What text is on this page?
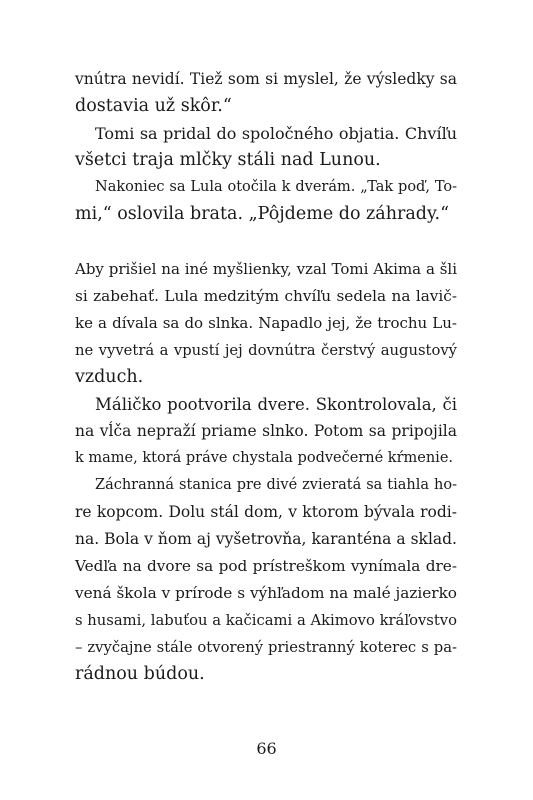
vnútra nevidí. Tiež som si myslel, že výsledky sa
dostavia už skôr.“
Tomi sa pridal do spoločného objatia. Chvíľu
všetci traja mlčky stáli nad Lunou.
Nakoniec sa Lula otočila k dverám. „Tak poď, To-
mi,“ oslovila brata. „Pôjdeme do záhrady.“
Aby prišiel na iné myšlienky, vzal Tomi Akima a šli
si zabehať. Lula medzitým chvíľu sedela na lavič-
ke a dívala sa do slnka. Napadlo jej, že trochu Lu-
ne vyvetrá a vpustí jej dovnútra čerstvý augustový
vzduch.
Máličko pootvorila dvere. Skontrolovala, či
na vĺča nepraží priame slnko. Potom sa pripojila
k mame, ktorá práve chystala podvečerné kŕmenie.
Záchranná stanica pre divé zvieratá sa tiahla ho-
re kopcom. Dolu stál dom, v ktorom bývala rodi-
na. Bola v ňom aj vyšetrovňa, karanténa a sklad.
Vedľa na dvore sa pod prístreškom vynímala dre-
vená škola v prírode s výhľadom na malé jazierko
s husami, labuťou a kačicami a Akimovo kráľovstvo
– zvyčajne stále otvorený priestranný koterec s pa-
rádnou búdou.
66
